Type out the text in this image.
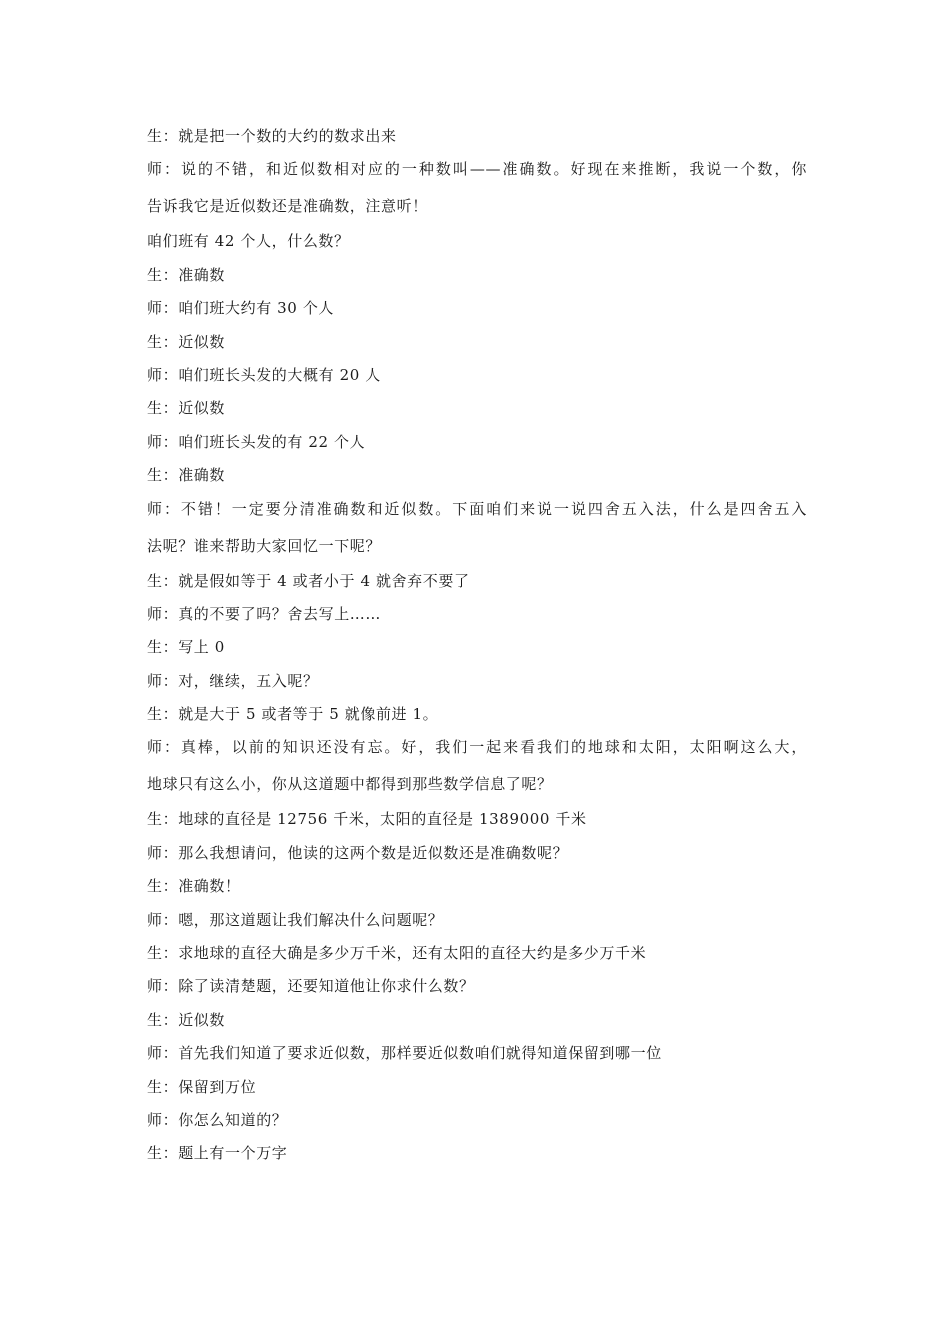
生：就是把一个数的大约的数求出来
师：说的不错，和近似数相对应的一种数叫——准确数。好现在来推断，我说一个数，你
告诉我它是近似数还是准确数，注意听！
咱们班有 42 个人，什么数？
生：准确数
师：咱们班大约有 30 个人
生：近似数
师：咱们班长头发的大概有 20 人
生：近似数
师：咱们班长头发的有 22 个人
生：准确数
师：不错！一定要分清准确数和近似数。下面咱们来说一说四舍五入法，什么是四舍五入
法呢？谁来帮助大家回忆一下呢？
生：就是假如等于 4 或者小于 4 就舍弃不要了
师：真的不要了吗？舍去写上……
生：写上 0
师：对，继续，五入呢？
生：就是大于 5 或者等于 5 就像前进 1。
师：真棒，以前的知识还没有忘。好，我们一起来看我们的地球和太阳，太阳啊这么大，
地球只有这么小，你从这道题中都得到那些数学信息了呢？
生：地球的直径是 12756 千米，太阳的直径是 1389000 千米
师：那么我想请问，他读的这两个数是近似数还是准确数呢？
生：准确数！
师：嗯，那这道题让我们解决什么问题呢？
生：求地球的直径大确是多少万千米，还有太阳的直径大约是多少万千米
师：除了读清楚题，还要知道他让你求什么数？
生：近似数
师：首先我们知道了要求近似数，那样要近似数咱们就得知道保留到哪一位
生：保留到万位
师：你怎么知道的？
生：题上有一个万字
